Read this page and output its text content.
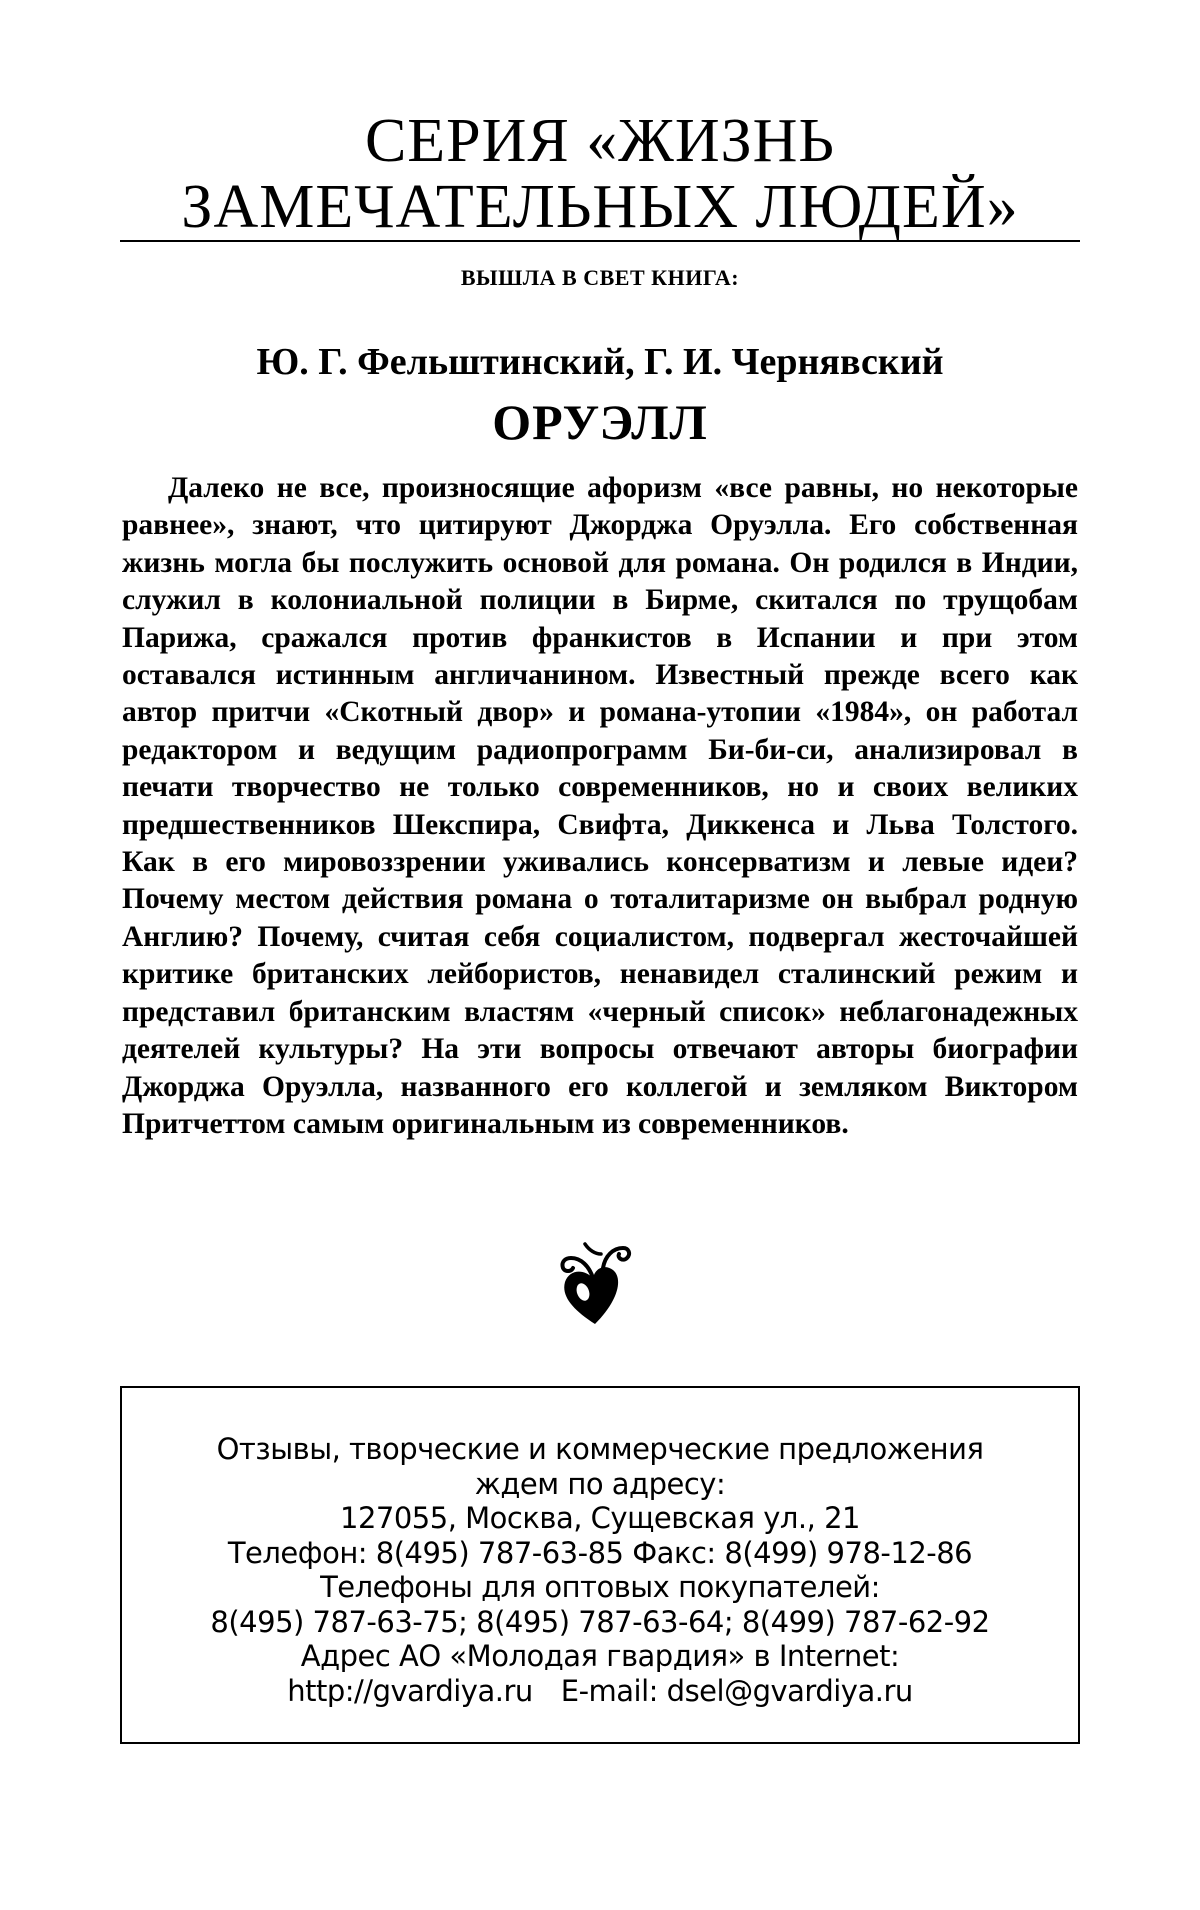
СЕРИЯ «ЖИЗНЬ ЗАМЕЧАТЕЛЬНЫХ ЛЮДЕЙ»
ВЫШЛА В СВЕТ КНИГА:
Ю. Г. Фельштинский, Г. И. Чернявский
ОРУЭЛЛ

Далеко не все, произносящие афоризм «все равны, но некоторые равнее», знают, что цитируют Джорджа Оруэлла. Его собственная жизнь могла бы послужить основой для романа. Он родился в Индии, служил в колониальной полиции в Бирме, скитался по трущобам Парижа, сражался против франкистов в Испании и при этом оставался истинным англичанином. Известный прежде всего как автор притчи «Скотный двор» и романа-утопии «1984», он работал редактором и ведущим радиопрограмм Би-би-си, анализировал в печати творчество не только современников, но и своих великих предшественников Шекспира, Свифта, Диккенса и Льва Толстого. Как в его мировоззрении уживались консерватизм и левые идеи? Почему местом действия романа о тоталитаризме он выбрал родную Англию? Почему, считая себя социалистом, подвергал жесточайшей критике британских лейбористов, ненавидел сталинский режим и представил британским властям «черный список» неблагонадежных деятелей культуры? На эти вопросы отвечают авторы биографии Джорджа Оруэлла, названного его коллегой и земляком Виктором Притчеттом самым оригинальным из современников.

Отзывы, творческие и коммерческие предложения
ждем по адресу:
127055, Москва, Сущевская ул., 21
Телефон: 8(495) 787-63-85 Факс: 8(499) 978-12-86
Телефоны для оптовых покупателей:
8(495) 787-63-75; 8(495) 787-63-64; 8(499) 787-62-92
Адрес АО «Молодая гвардия» в Internet:
http://gvardiya.ru E-mail: dsel@gvardiya.ru
